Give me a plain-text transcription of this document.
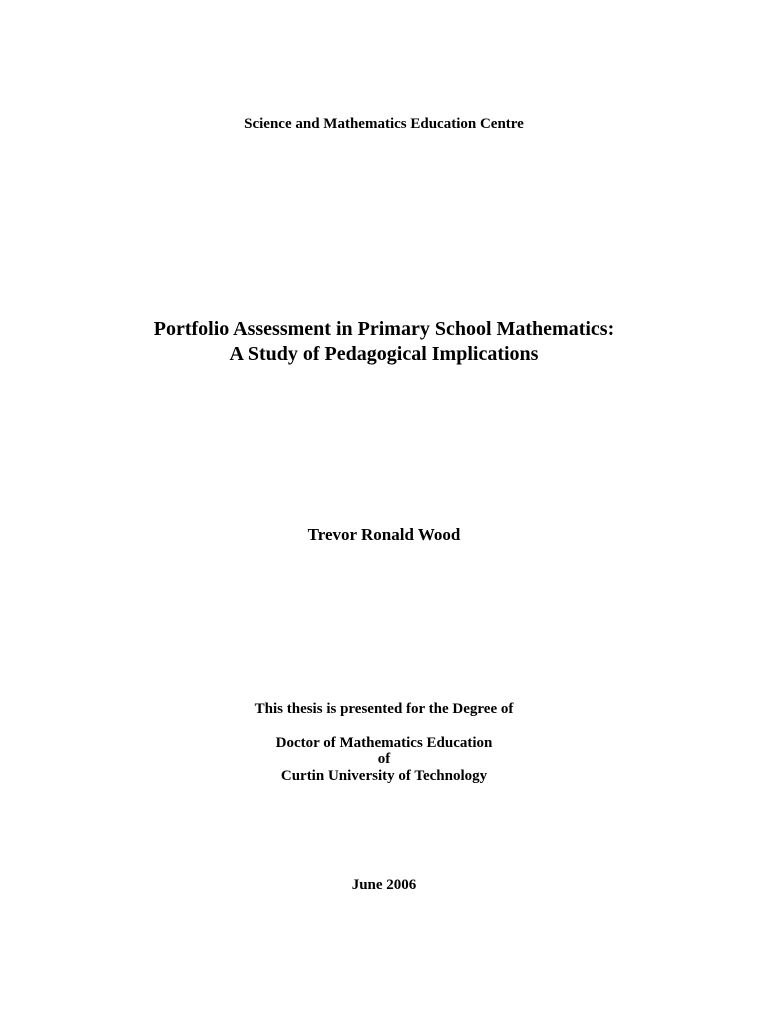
Science and Mathematics Education Centre
Portfolio Assessment in Primary School Mathematics:
A Study of Pedagogical Implications
Trevor Ronald Wood
This thesis is presented for the Degree of
Doctor of Mathematics Education
of
Curtin University of Technology
June 2006
